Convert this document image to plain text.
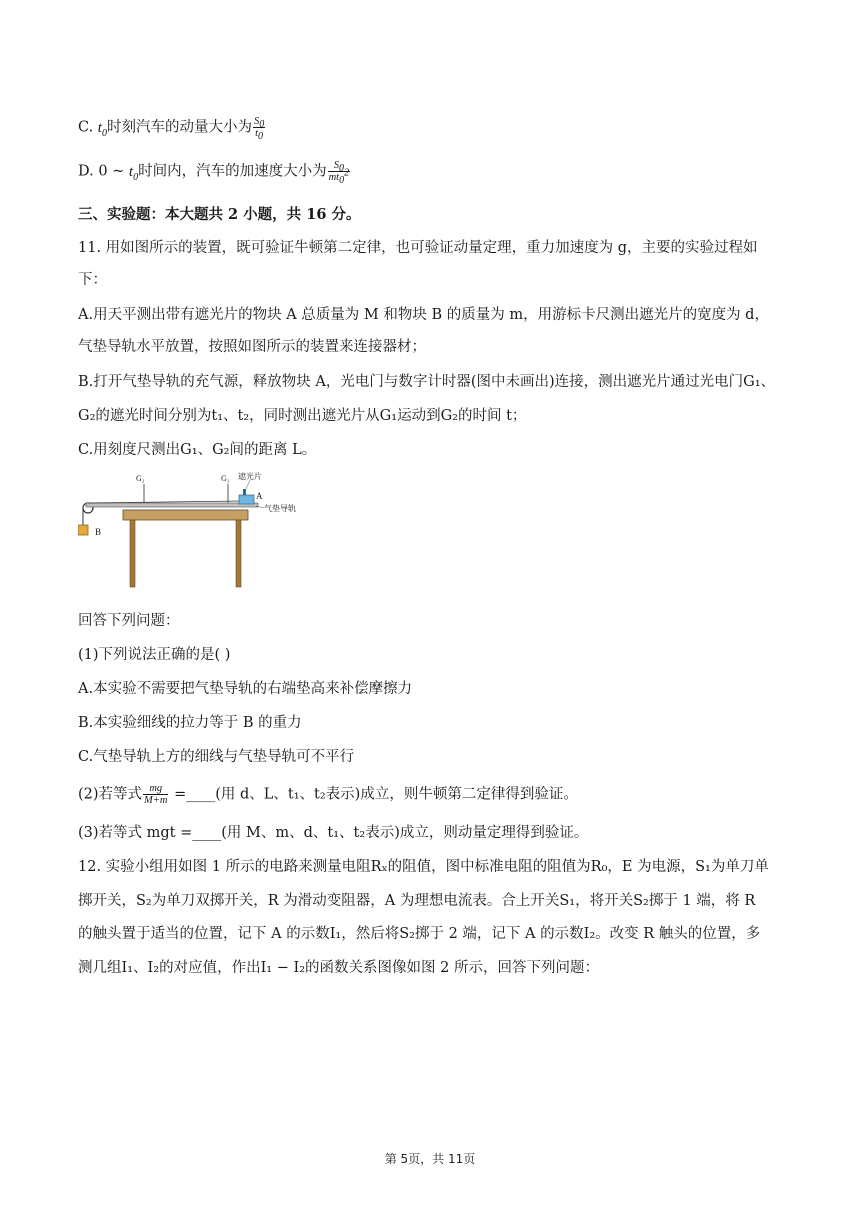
C. $t_0$时刻汽车的动量大小为 $\frac{S_0}{t_0}$
D. 0 ~ $t_0$时间内，汽车的加速度大小为 $\frac{S_0}{mt_0^2}$
三、实验题：本大题共 2 小题，共 16 分。
11. 用如图所示的装置，既可验证牛顿第二定律，也可验证动量定理，重力加速度为 g，主要的实验过程如
下：
A.用天平测出带有遮光片的物块 A 总质量为 M 和物块 B 的质量为 m，用游标卡尺测出遮光片的宽度为 d，
气垫导轨水平放置，按照如图所示的装置来连接器材；
B.打开气垫导轨的充气源，释放物块 A，光电门与数字计时器(图中未画出)连接，测出遮光片通过光电门G₁、
G₂的遮光时间分别为t₁、t₂，同时测出遮光片从G₁运动到G₂的时间 t；
C.用刻度尺测出G₁、G₂间的距离 L。
B
G₂	G₁
A
遮光片
气垫导轨
回答下列问题：
(1)下列说法正确的是( )
A.本实验不需要把气垫导轨的右端垫高来补偿摩擦力
B.本实验细线的拉力等于 B 的重力
C.气垫导轨上方的细线与气垫导轨可不平行
(2)若等式 $\frac{mg}{M+m}$ =____(用 d、L、t₁、t₂表示)成立，则牛顿第二定律得到验证。
(3)若等式 mgt =____(用 M、m、d、t₁、t₂表示)成立，则动量定理得到验证。
12. 实验小组用如图 1 所示的电路来测量电阻Rₓ的阻值，图中标准电阻的阻值为R₀，E 为电源，S₁为单刀单
掷开关，S₂为单刀双掷开关，R 为滑动变阻器，A 为理想电流表。合上开关S₁，将开关S₂掷于 1 端，将 R
的触头置于适当的位置，记下 A 的示数I₁，然后将S₂掷于 2 端，记下 A 的示数I₂。改变 R 触头的位置，多
测几组I₁、I₂的对应值，作出I₁ − I₂的函数关系图像如图 2 所示，回答下列问题：
第 5页，共 11页
